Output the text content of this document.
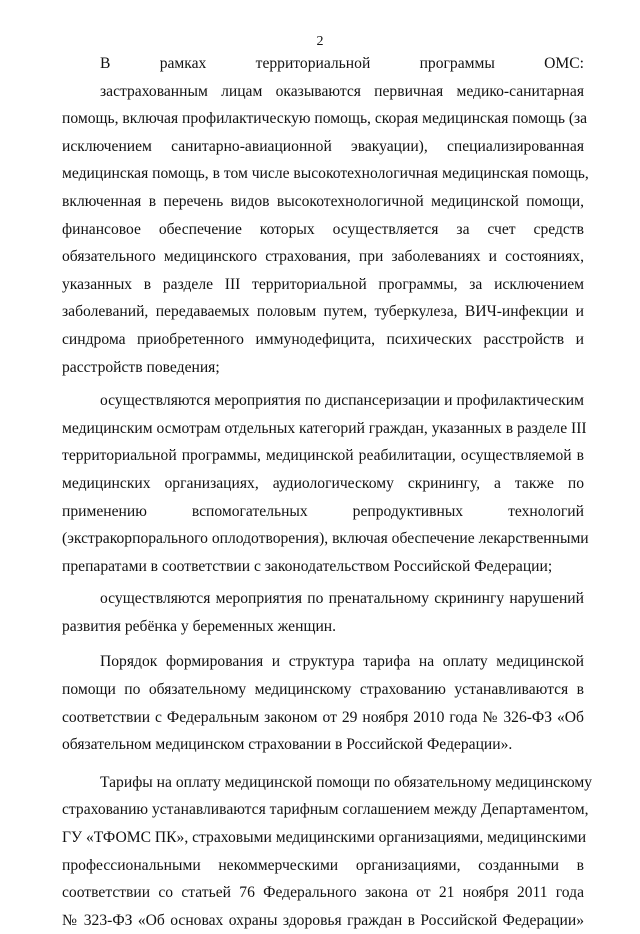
2
В рамках территориальной программы ОМС:
застрахованным лицам оказываются первичная медико-санитарная
помощь, включая профилактическую помощь, скорая медицинская помощь (за
исключением санитарно-авиационной эвакуации), специализированная
медицинская помощь, в том числе высокотехнологичная медицинская помощь,
включенная в перечень видов высокотехнологичной медицинской помощи,
финансовое обеспечение которых осуществляется за счет средств
обязательного медицинского страхования, при заболеваниях и состояниях,
указанных в разделе III территориальной программы, за исключением
заболеваний, передаваемых половым путем, туберкулеза, ВИЧ-инфекции и
синдрома приобретенного иммунодефицита, психических расстройств и
расстройств поведения;
осуществляются мероприятия по диспансеризации и профилактическим
медицинским осмотрам отдельных категорий граждан, указанных в разделе III
территориальной программы, медицинской реабилитации, осуществляемой в
медицинских организациях, аудиологическому скринингу, а также по
применению вспомогательных репродуктивных технологий
(экстракорпорального оплодотворения), включая обеспечение лекарственными
препаратами в соответствии с законодательством Российской Федерации;
осуществляются мероприятия по пренатальному скринингу нарушений
развития ребёнка у беременных женщин.
Порядок формирования и структура тарифа на оплату медицинской
помощи по обязательному медицинскому страхованию устанавливаются в
соответствии с Федеральным законом от 29 ноября 2010 года № 326-ФЗ «Об
обязательном медицинском страховании в Российской Федерации».
Тарифы на оплату медицинской помощи по обязательному медицинскому
страхованию устанавливаются тарифным соглашением между Департаментом,
ГУ «ТФОМС ПК», страховыми медицинскими организациями, медицинскими
профессиональными некоммерческими организациями, созданными в
соответствии со статьей 76 Федерального закона от 21 ноября 2011 года
№ 323-ФЗ «Об основах охраны здоровья граждан в Российской Федерации»
